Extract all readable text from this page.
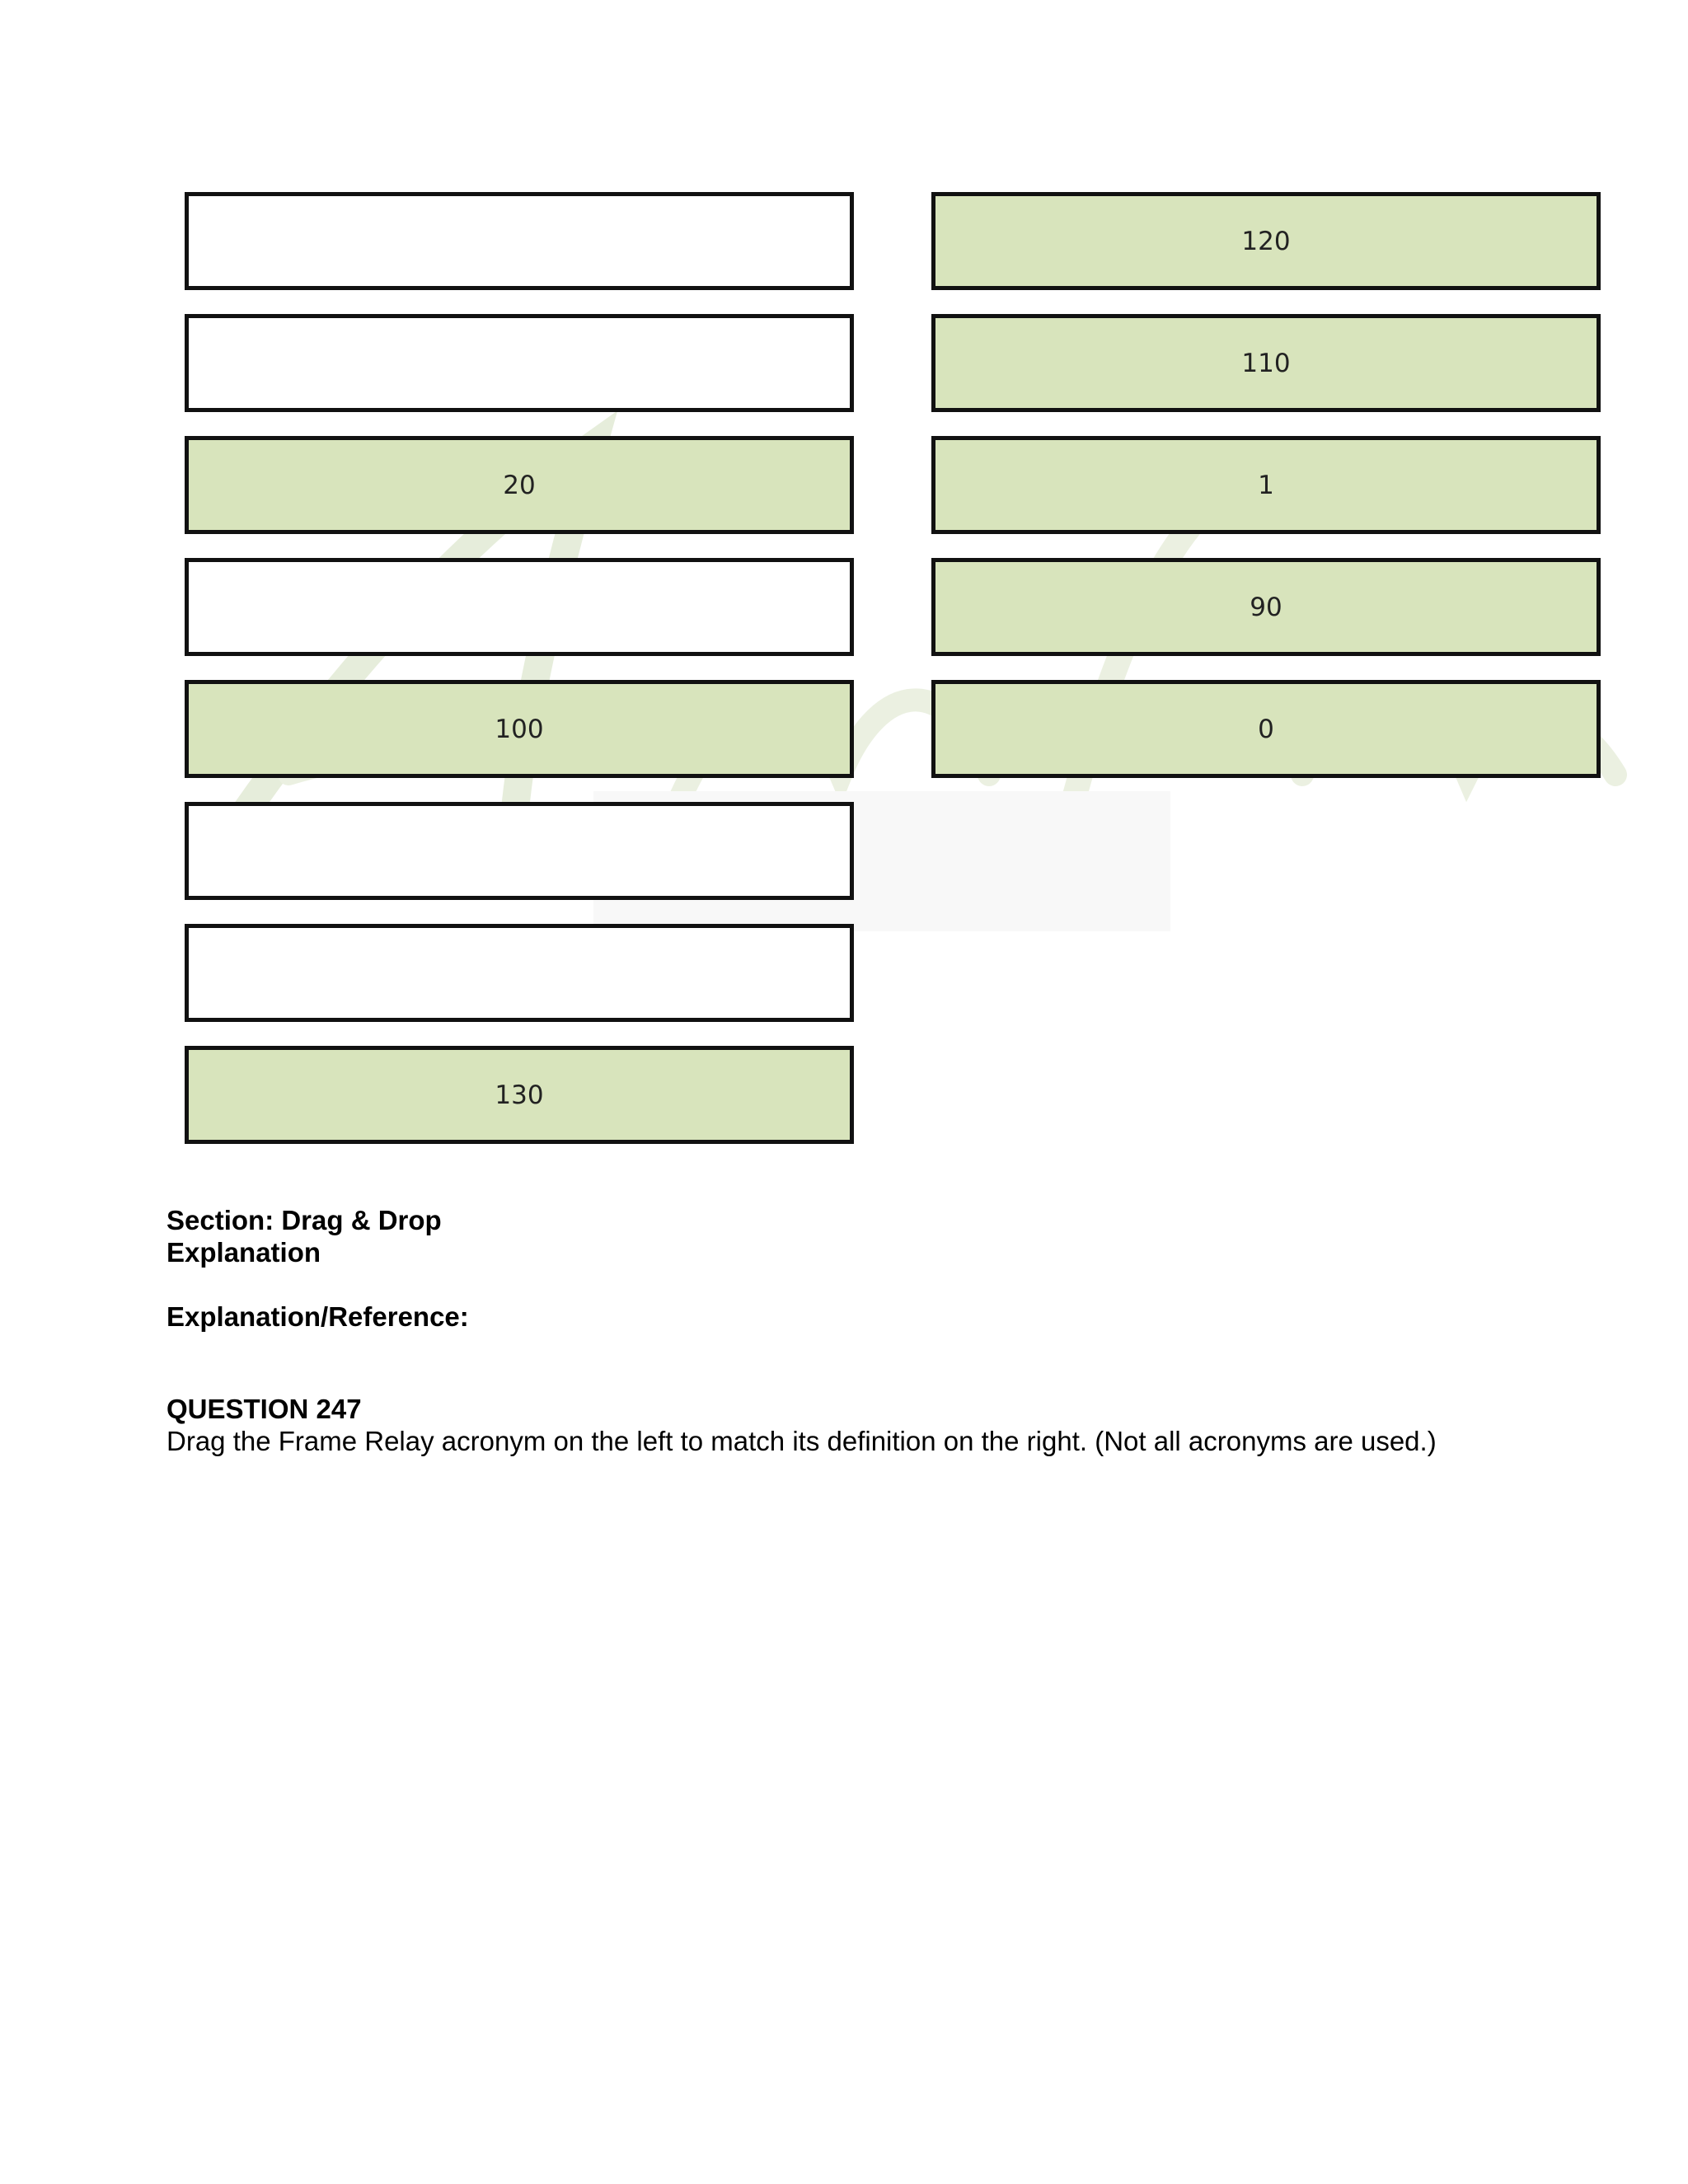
20
100
130
120
110
1
90
0
Section: Drag & Drop
Explanation
Explanation/Reference:
QUESTION 247
Drag the Frame Relay acronym on the left to match its definition on the right. (Not all acronyms are used.)
